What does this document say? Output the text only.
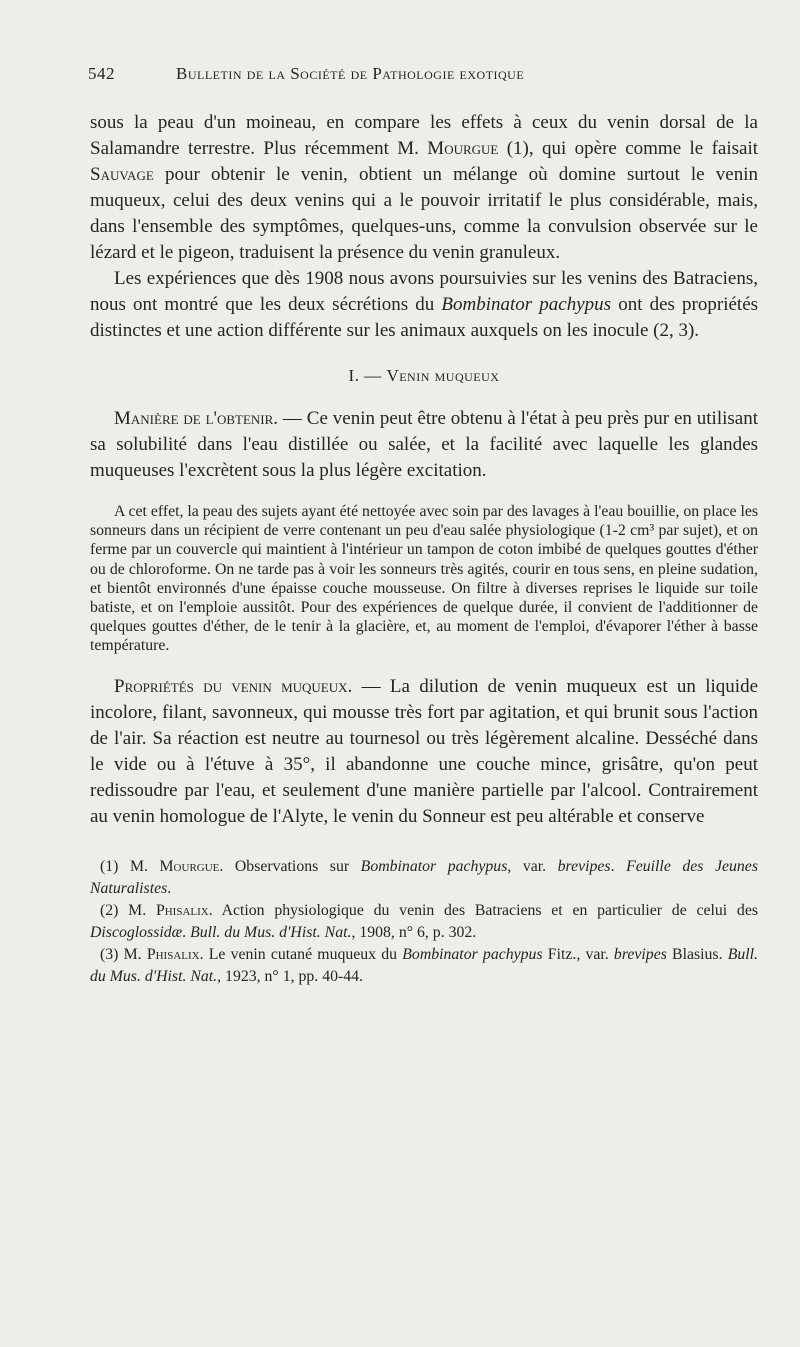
542	Bulletin de la Société de Pathologie exotique

sous la peau d'un moineau, en compare les effets à ceux du venin dorsal de la Salamandre terrestre. Plus récemment M. Mourgue (1), qui opère comme le faisait Sauvage pour obtenir le venin, obtient un mélange où domine surtout le venin muqueux, celui des deux venins qui a le pouvoir irritatif le plus considérable, mais, dans l'ensemble des symptômes, quelques-uns, comme la convulsion observée sur le lézard et le pigeon, traduisent la présence du venin granuleux.

Les expériences que dès 1908 nous avons poursuivies sur les venins des Batraciens, nous ont montré que les deux sécrétions du Bombinator pachypus ont des propriétés distinctes et une action différente sur les animaux auxquels on les inocule (2, 3).

I. — Venin muqueux

Manière de l'obtenir. — Ce venin peut être obtenu à l'état à peu près pur en utilisant sa solubilité dans l'eau distillée ou salée, et la facilité avec laquelle les glandes muqueuses l'excrètent sous la plus légère excitation.

A cet effet, la peau des sujets ayant été nettoyée avec soin par des lavages à l'eau bouillie, on place les sonneurs dans un récipient de verre contenant un peu d'eau salée physiologique (1-2 cm³ par sujet), et on ferme par un couvercle qui maintient à l'intérieur un tampon de coton imbibé de quelques gouttes d'éther ou de chloroforme. On ne tarde pas à voir les sonneurs très agités, courir en tous sens, en pleine sudation, et bientôt environnés d'une épaisse couche mousseuse. On filtre à diverses reprises le liquide sur toile batiste, et on l'emploie aussitôt. Pour des expériences de quelque durée, il convient de l'additionner de quelques gouttes d'éther, de le tenir à la glacière, et, au moment de l'emploi, d'évaporer l'éther à basse température.

Propriétés du venin muqueux. — La dilution de venin muqueux est un liquide incolore, filant, savonneux, qui mousse très fort par agitation, et qui brunit sous l'action de l'air. Sa réaction est neutre au tournesol ou très légèrement alcaline. Desséché dans le vide ou à l'étuve à 35°, il abandonne une couche mince, grisâtre, qu'on peut redissoudre par l'eau, et seulement d'une manière partielle par l'alcool. Contrairement au venin homologue de l'Alyte, le venin du Sonneur est peu altérable et conserve

(1) M. Mourgue. Observations sur Bombinator pachypus, var. brevipes. Feuille des Jeunes Naturalistes.

(2) M. Phisalix. Action physiologique du venin des Batraciens et en particulier de celui des Discoglossidæ. Bull. du Mus. d'Hist. Nat., 1908, n° 6, p. 302.

(3) M. Phisalix. Le venin cutané muqueux du Bombinator pachypus Fitz., var. brevipes Blasius. Bull. du Mus. d'Hist. Nat., 1923, n° 1, pp. 40-44.
